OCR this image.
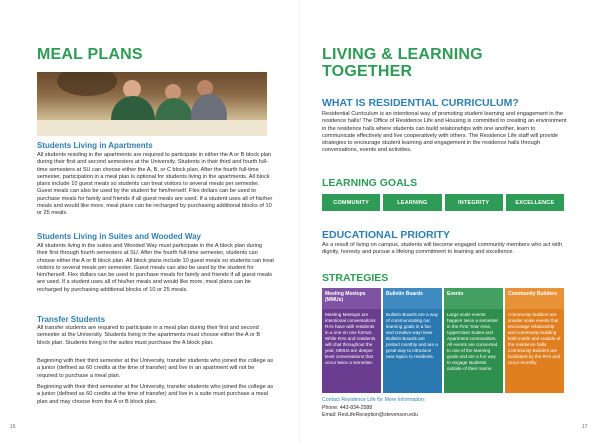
MEAL PLANS
Students Living in Apartments
All students residing in the apartments are required to participate in either the A or B block plan during their first and second semesters at the University. Students in their third and fourth full-time semesters at SU can choose either the A, B, or C block plan. After the fourth full-time semester, participation in a meal plan is optional for students living in the apartments. All block plans include 10 guest meals so students can treat visitors to several meals per semester. Guest meals can also be used by the student for him/herself. Flex dollars can be used to purchase meals for family and friends if all guest meals are used. If a student uses all of his/her meals and would like more, meal plans can be recharged by purchasing additional blocks of 10 or 25 meals.
Students Living in Suites and Wooded Way
All students living in the suites and Wooded Way must participate in the A block plan during their first through fourth semesters at SU. After the fourth full-time semester, students can choose either the A or B block plan. All block plans include 10 guest meals so students can treat visitors to several meals per semester. Guest meals can also be used by the student for him/herself. Flex dollars can be used to purchase meals for family and friends if all guest meals are used. If a student uses all of his/her meals and would like more, meal plans can be recharged by purchasing additional blocks of 10 or 25 meals.
Transfer Students
All transfer students are required to participate in a meal plan during their first and second semester at the University. Students living in the apartments must choose either the A or B block plan. Students living in the suites must purchase the A block plan.
Beginning with their third semester at the University, transfer students who joined the college as a junior (defined as 60 credits at the time of transfer) and live in an apartment will not be required to purchase a meal plan.
Beginning with their third semester at the University, transfer students who joined the college as a junior (defined as 60 credits at the time of transfer) and live in a suite must purchase a meal plan and may choose from the A or B block plan.
16
LIVING & LEARNING
TOGETHER
WHAT IS RESIDENTIAL CURRICULUM?
Residential Curriculum is an intentional way of promoting student learning and engagement in the residence halls! The Office of Residence Life and Housing is committed to creating an environment in the residence halls where students can build relationships with one another, learn to communicate effectively and live cooperatively with others. The Residence Life staff will provide strategies to encourage student learning and engagement in the residence halls through conversations, events and activities.
LEARNING GOALS
COMMUNITY	LEARNING	INTEGRITY	EXCELLENCE
EDUCATIONAL PRIORITY
As a result of living on campus, students will become engaged community members who act with dignity, honesty and pursue a lifelong commitment to learning and excellence.
STRATEGIES
Meeting Meetups (MMUs)
Meeting Meetups are intentional conversations RAs have with residents in a one on one format. While RAs and residents will chat throughout the year, MMUs are deeper level conversations that occur twice a semester.
Bulletin Boards
Bulletin Boards are a way of communicating our learning goals in a fun and creative way! New Bulletin Boards are posted monthly and are a great way to introduce new topics to residents.
Events
Large scale events happen twice a semester in the First Year Area, Upperclass Suites and Apartment communities. All events are connected to one of the learning goals and are a fun way to engage students outside of their rooms.
Community Builders
Community builders are smaller scale events that encourage relationship and community building both inside and outside of the residence halls. Community Builders are facilitated by the RAs and occur monthly.
Contact Residence Life for More Information:
Phone: 443-834-2588
Email: ResLifeReception@stevenson.edu
17
